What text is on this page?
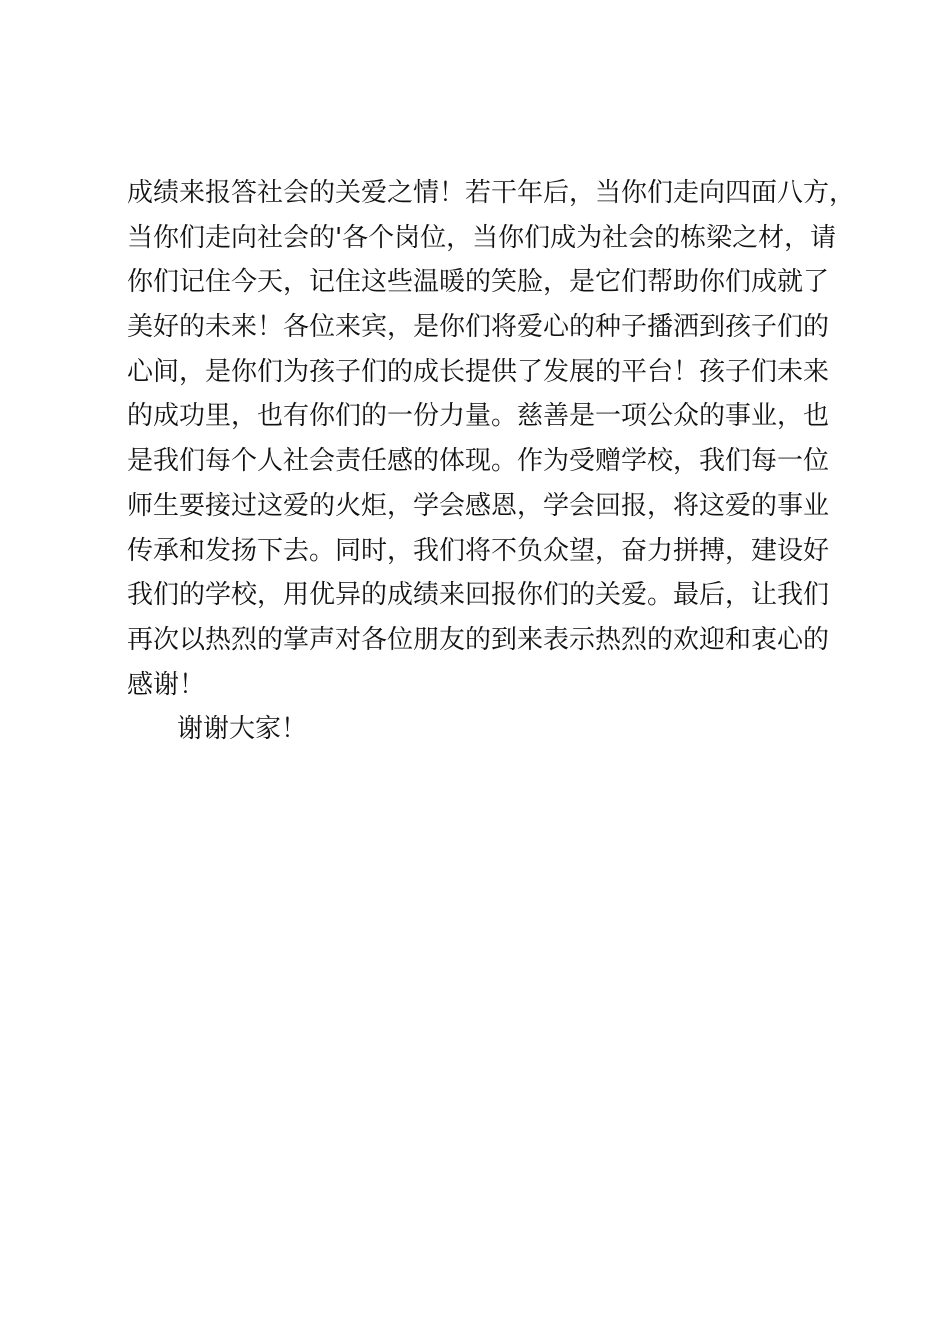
成绩来报答社会的关爱之情！若干年后，当你们走向四面八方，
当你们走向社会的'各个岗位，当你们成为社会的栋梁之材，请
你们记住今天，记住这些温暖的笑脸，是它们帮助你们成就了
美好的未来！各位来宾，是你们将爱心的种子播洒到孩子们的
心间，是你们为孩子们的成长提供了发展的平台！孩子们未来
的成功里，也有你们的一份力量。慈善是一项公众的事业，也
是我们每个人社会责任感的体现。作为受赠学校，我们每一位
师生要接过这爱的火炬，学会感恩，学会回报，将这爱的事业
传承和发扬下去。同时，我们将不负众望，奋力拼搏，建设好
我们的学校，用优异的成绩来回报你们的关爱。最后，让我们
再次以热烈的掌声对各位朋友的到来表示热烈的欢迎和衷心的
感谢！
谢谢大家！
